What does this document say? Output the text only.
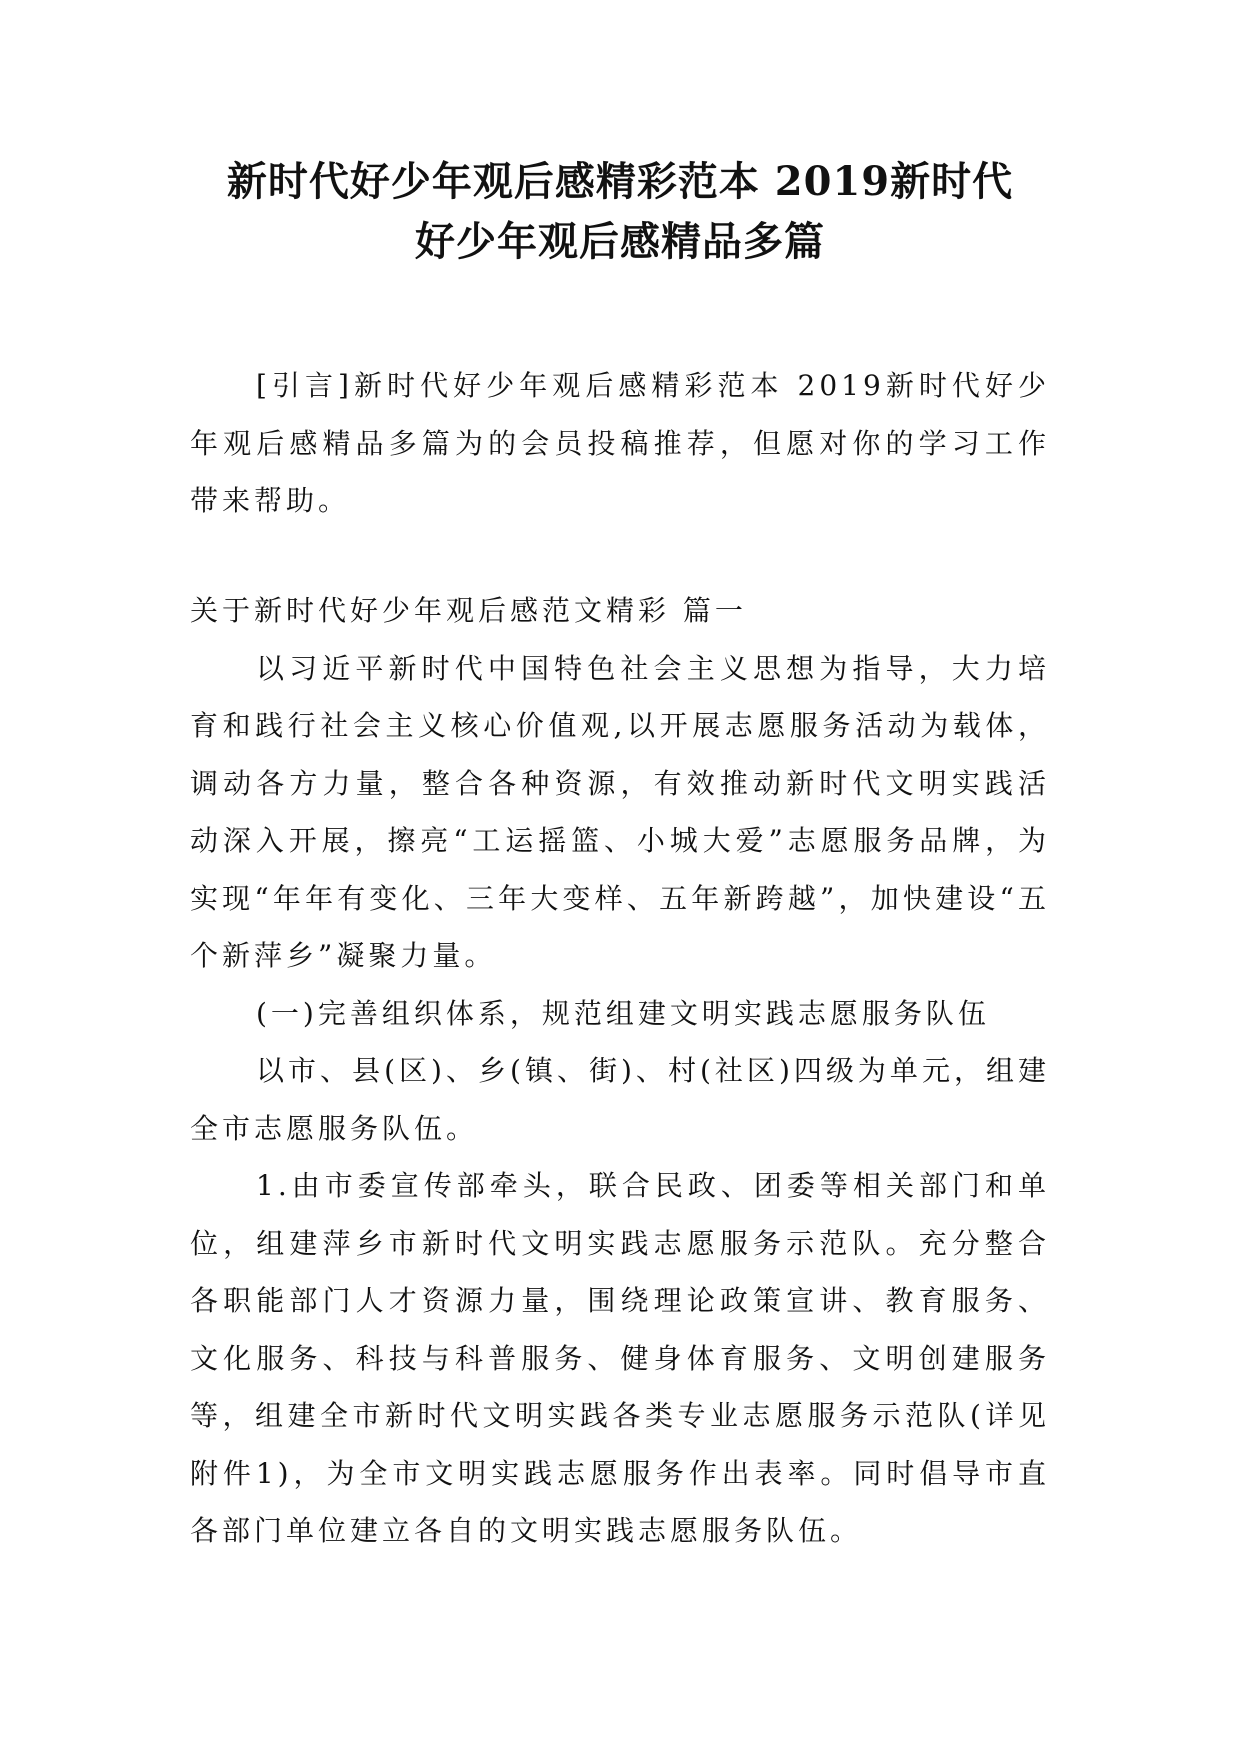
新时代好少年观后感精彩范本 2019新时代
好少年观后感精品多篇

[引言]新时代好少年观后感精彩范本 2019新时代好少年观后感精品多篇为的会员投稿推荐，但愿对你的学习工作带来帮助。

关于新时代好少年观后感范文精彩 篇一

以习近平新时代中国特色社会主义思想为指导，大力培育和践行社会主义核心价值观,以开展志愿服务活动为载体，调动各方力量，整合各种资源，有效推动新时代文明实践活动深入开展，擦亮“工运摇篮、小城大爱”志愿服务品牌，为实现“年年有变化、三年大变样、五年新跨越”，加快建设“五个新萍乡”凝聚力量。

(一)完善组织体系，规范组建文明实践志愿服务队伍

以市、县(区)、乡(镇、街)、村(社区)四级为单元，组建全市志愿服务队伍。

1.由市委宣传部牵头，联合民政、团委等相关部门和单位，组建萍乡市新时代文明实践志愿服务示范队。充分整合各职能部门人才资源力量，围绕理论政策宣讲、教育服务、文化服务、科技与科普服务、健身体育服务、文明创建服务等，组建全市新时代文明实践各类专业志愿服务示范队(详见附件1)，为全市文明实践志愿服务作出表率。同时倡导市直各部门单位建立各自的文明实践志愿服务队伍。
